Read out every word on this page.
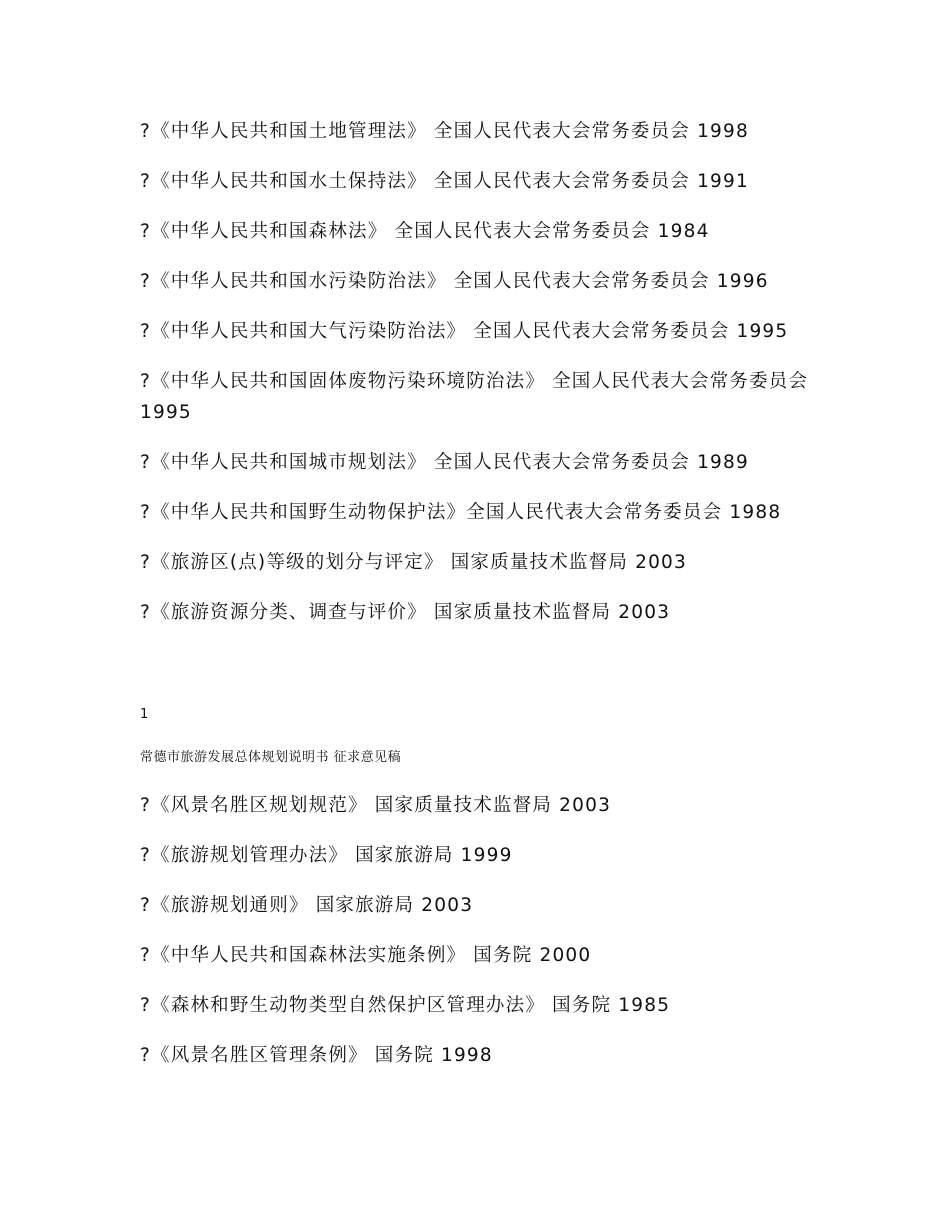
?《中华人民共和国土地管理法》 全国人民代表大会常务委员会 1998

?《中华人民共和国水土保持法》 全国人民代表大会常务委员会 1991

?《中华人民共和国森林法》 全国人民代表大会常务委员会 1984

?《中华人民共和国水污染防治法》 全国人民代表大会常务委员会 1996

?《中华人民共和国大气污染防治法》 全国人民代表大会常务委员会 1995

?《中华人民共和国固体废物污染环境防治法》 全国人民代表大会常务委员会 1995

?《中华人民共和国城市规划法》 全国人民代表大会常务委员会 1989

?《中华人民共和国野生动物保护法》全国人民代表大会常务委员会 1988

?《旅游区(点)等级的划分与评定》 国家质量技术监督局 2003

?《旅游资源分类、调查与评价》 国家质量技术监督局 2003

1
常德市旅游发展总体规划说明书 征求意见稿

?《风景名胜区规划规范》 国家质量技术监督局 2003

?《旅游规划管理办法》 国家旅游局 1999

?《旅游规划通则》 国家旅游局 2003

?《中华人民共和国森林法实施条例》 国务院 2000

?《森林和野生动物类型自然保护区管理办法》 国务院 1985

?《风景名胜区管理条例》 国务院 1998
